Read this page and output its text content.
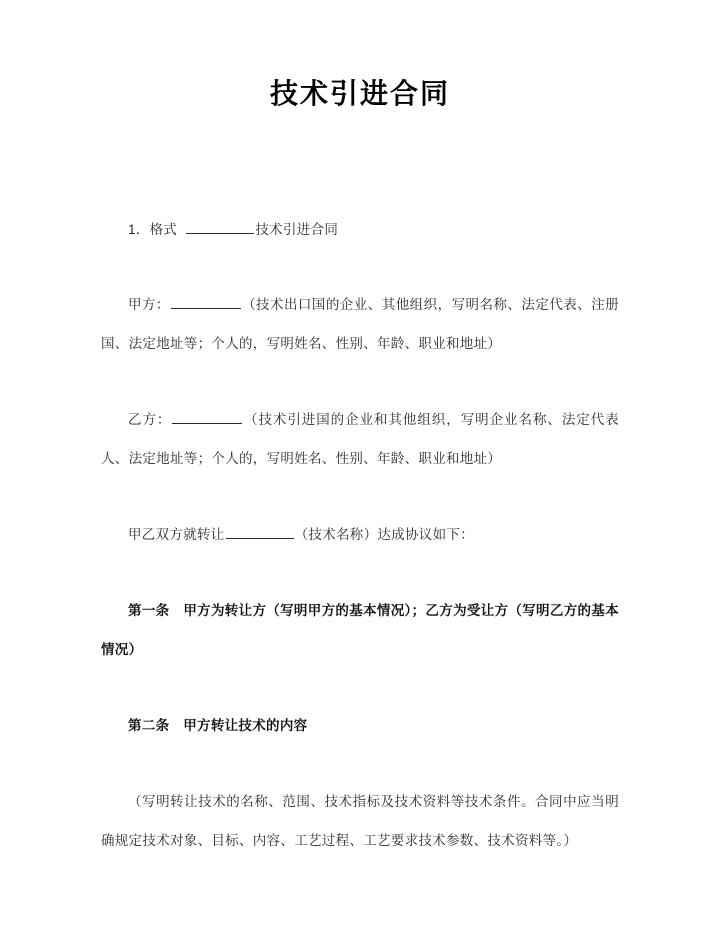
技术引进合同

1．格式	技术引进合同

甲方：	（技术出口国的企业、其他组织，写明名称、法定代表、注册国、法定地址等；个人的，写明姓名、性别、年龄、职业和地址）

乙方：	（技术引进国的企业和其他组织，写明企业名称、法定代表人、法定地址等；个人的，写明姓名、性别、年龄、职业和地址）

甲乙双方就转让	（技术名称）达成协议如下：

第一条　 甲方为转让方（写明甲方的基本情况）；乙方为受让方（写明乙方的基本情况）

第二条　 甲方转让技术的内容

（写明转让技术的名称、范围、技术指标及技术资料等技术条件。合同中应当明确规定技术对象、目标、内容、工艺过程、工艺要求技术参数、技术资料等。）
